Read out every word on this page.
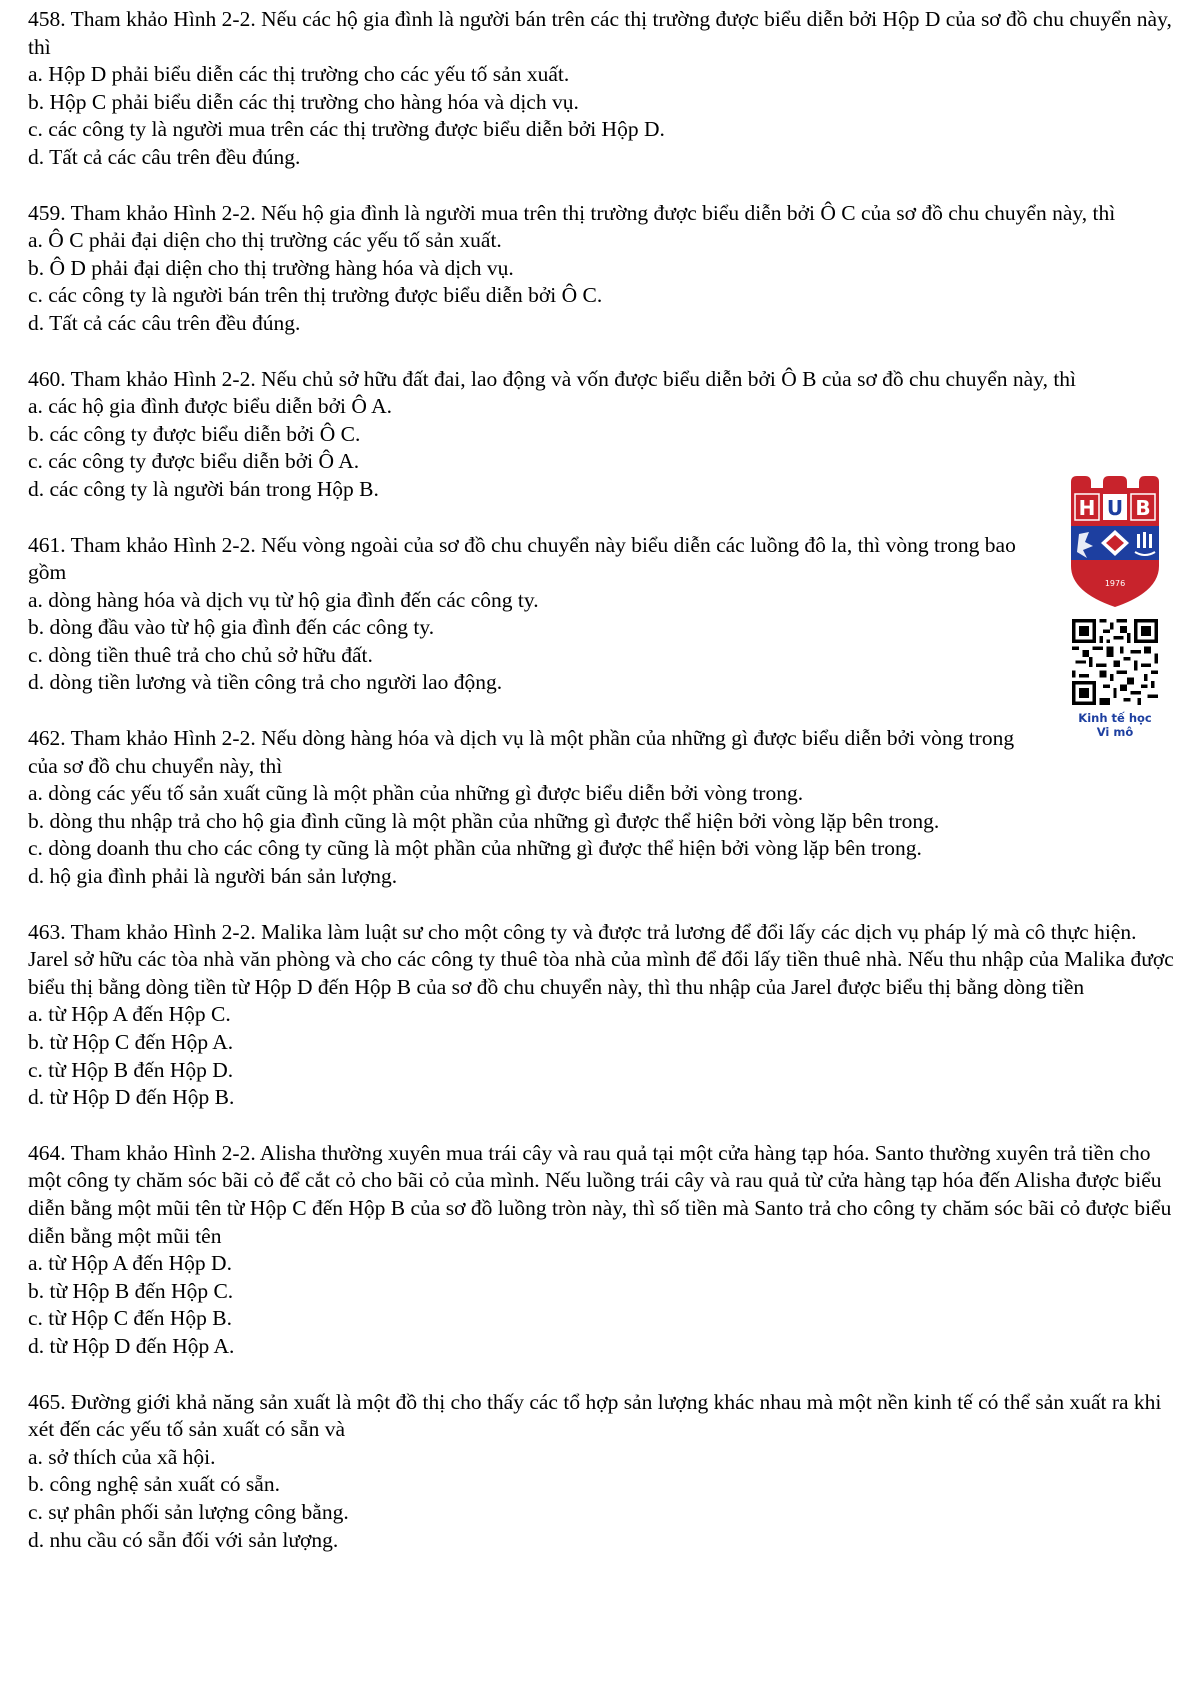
458. Tham khảo Hình 2-2. Nếu các hộ gia đình là người bán trên các thị trường được biểu diễn bởi Hộp D của sơ đồ chu chuyển này, thì

a. Hộp D phải biểu diễn các thị trường cho các yếu tố sản xuất.

b. Hộp C phải biểu diễn các thị trường cho hàng hóa và dịch vụ.

c. các công ty là người mua trên các thị trường được biểu diễn bởi Hộp D.

d. Tất cả các câu trên đều đúng.

459. Tham khảo Hình 2-2. Nếu hộ gia đình là người mua trên thị trường được biểu diễn bởi Ô C của sơ đồ chu chuyển này, thì

a. Ô C phải đại diện cho thị trường các yếu tố sản xuất.

b. Ô D phải đại diện cho thị trường hàng hóa và dịch vụ.

c. các công ty là người bán trên thị trường được biểu diễn bởi Ô C.

d. Tất cả các câu trên đều đúng.

460. Tham khảo Hình 2-2. Nếu chủ sở hữu đất đai, lao động và vốn được biểu diễn bởi Ô B của sơ đồ chu chuyển này, thì

a. các hộ gia đình được biểu diễn bởi Ô A.

b. các công ty được biểu diễn bởi Ô C.

c. các công ty được biểu diễn bởi Ô A.

d. các công ty là người bán trong Hộp B.

461. Tham khảo Hình 2-2. Nếu vòng ngoài của sơ đồ chu chuyển này biểu diễn các luồng đô la, thì vòng trong bao gồm

a. dòng hàng hóa và dịch vụ từ hộ gia đình đến các công ty.

b. dòng đầu vào từ hộ gia đình đến các công ty.

c. dòng tiền thuê trả cho chủ sở hữu đất.

d. dòng tiền lương và tiền công trả cho người lao động.

462. Tham khảo Hình 2-2. Nếu dòng hàng hóa và dịch vụ là một phần của những gì được biểu diễn bởi vòng trong của sơ đồ chu chuyển này, thì

a. dòng các yếu tố sản xuất cũng là một phần của những gì được biểu diễn bởi vòng trong.

b. dòng thu nhập trả cho hộ gia đình cũng là một phần của những gì được thể hiện bởi vòng lặp bên trong.

c. dòng doanh thu cho các công ty cũng là một phần của những gì được thể hiện bởi vòng lặp bên trong.

d. hộ gia đình phải là người bán sản lượng.

463. Tham khảo Hình 2-2. Malika làm luật sư cho một công ty và được trả lương để đổi lấy các dịch vụ pháp lý mà cô thực hiện. Jarel sở hữu các tòa nhà văn phòng và cho các công ty thuê tòa nhà của mình để đổi lấy tiền thuê nhà. Nếu thu nhập của Malika được biểu thị bằng dòng tiền từ Hộp D đến Hộp B của sơ đồ chu chuyển này, thì thu nhập của Jarel được biểu thị bằng dòng tiền

a. từ Hộp A đến Hộp C.

b. từ Hộp C đến Hộp A.

c. từ Hộp B đến Hộp D.

d. từ Hộp D đến Hộp B.

464. Tham khảo Hình 2-2. Alisha thường xuyên mua trái cây và rau quả tại một cửa hàng tạp hóa. Santo thường xuyên trả tiền cho một công ty chăm sóc bãi cỏ để cắt cỏ cho bãi cỏ của mình. Nếu luồng trái cây và rau quả từ cửa hàng tạp hóa đến Alisha được biểu diễn bằng một mũi tên từ Hộp C đến Hộp B của sơ đồ luồng tròn này, thì số tiền mà Santo trả cho công ty chăm sóc bãi cỏ được biểu diễn bằng một mũi tên

a. từ Hộp A đến Hộp D.

b. từ Hộp B đến Hộp C.

c. từ Hộp C đến Hộp B.

d. từ Hộp D đến Hộp A.

465. Đường giới khả năng sản xuất là một đồ thị cho thấy các tổ hợp sản lượng khác nhau mà một nền kinh tế có thể sản xuất ra khi xét đến các yếu tố sản xuất có sẵn và

a. sở thích của xã hội.

b. công nghệ sản xuất có sẵn.

c. sự phân phối sản lượng công bằng.

d. nhu cầu có sẵn đối với sản lượng.

H U B
1976
Kinh tế học
Vi mô
